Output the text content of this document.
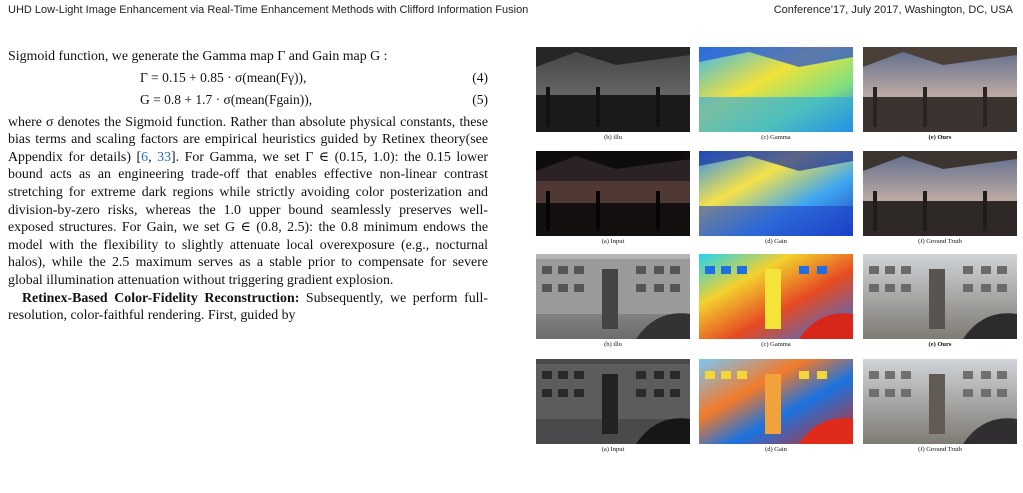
UHD Low-Light Image Enhancement via Real-Time Enhancement Methods with Clifford Information Fusion	Conference’17, July 2017, Washington, DC, USA

Sigmoid function, we generate the Gamma map Γ and Gain map G :

Γ = 0.15 + 0.85 · σ(mean(Fγ)),	(4)
G = 0.8 + 1.7 · σ(mean(Fgain)),	(5)

where σ denotes the Sigmoid function. Rather than absolute physical constants, these bias terms and scaling factors are empirical heuristics guided by Retinex theory(see Appendix for details) [6, 33]. For Gamma, we set Γ ∈ (0.15, 1.0): the 0.15 lower bound acts as an engineering trade-off that enables effective non-linear contrast stretching for extreme dark regions while strictly avoiding color posterization and division-by-zero risks, whereas the 1.0 upper bound seamlessly preserves well-exposed structures. For Gain, we set G ∈ (0.8, 2.5): the 0.8 minimum endows the model with the flexibility to slightly attenuate local overexposure (e.g., nocturnal halos), while the 2.5 maximum serves as a stable prior to compensate for severe global illumination attenuation without triggering gradient explosion.

Retinex-Based Color-Fidelity Reconstruction: Subsequently, we perform full-resolution, color-faithful rendering. First, guided by

(b) illu	(c) Gamma	(e) Ours
(a) Input	(d) Gain	(f) Ground Truth
(b) illu	(c) Gamma	(e) Ours
(a) Input	(d) Gain	(f) Ground Truth
